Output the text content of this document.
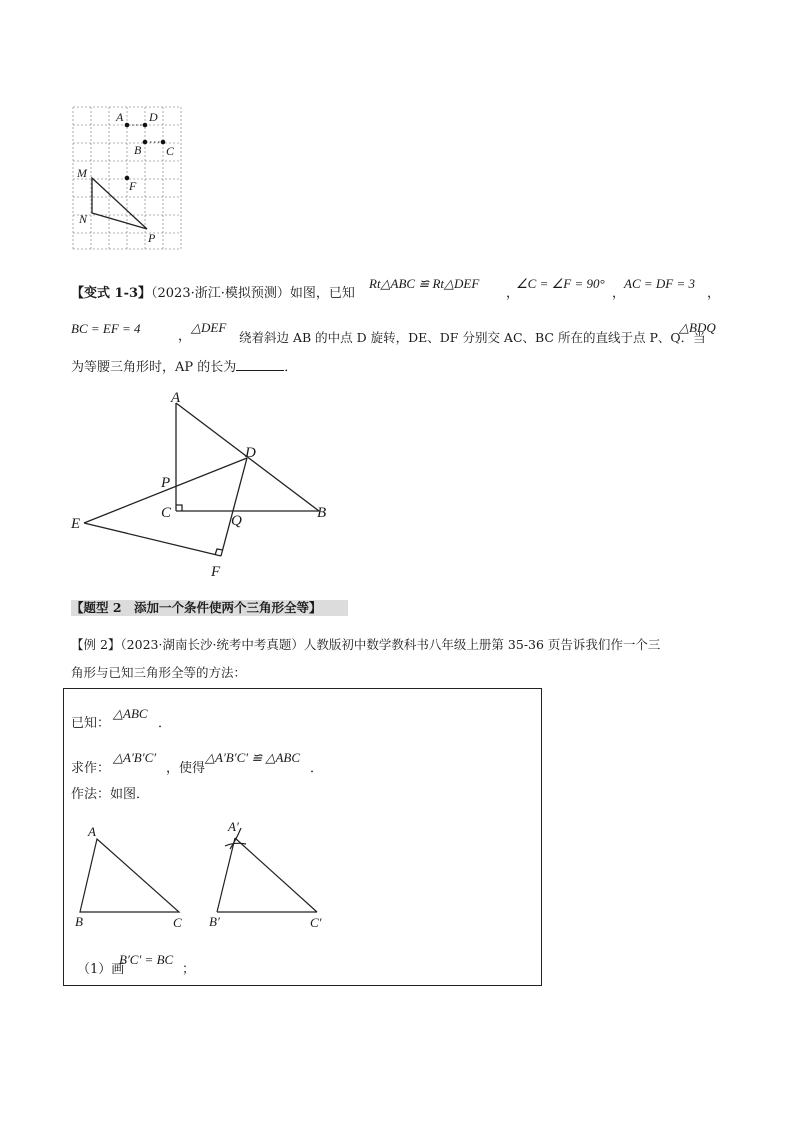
A D
B C
M
F
N
P
【变式 1-3】（2023·浙江·模拟预测）如图，已知
Rt△ABC ≌ Rt△DEF	∠C = ∠F = 90° AC = DF = 3
，	，	，
BC = EF = 4
，
△DEF
绕着斜边 AB 的中点 D 旋转，DE、DF 分别交 AC、BC 所在的直线于点 P、Q．当
△BDQ
为等腰三角形时，AP 的长为	．
A
D
P
C	Q	B
E
F
【题型 2　添加一个条件使两个三角形全等】
【例 2】（2023·湖南长沙·统考中考真题）人教版初中数学教科书八年级上册第 35-36 页告诉我们作一个三
角形与已知三角形全等的方法：
已知：
△ABC
．
求作：
△A′B′C′
，使得
△A′B′C′ ≌ △ABC
．
作法：如图．
A
B	C
A′
B′	C′
（1）画
B′C′ = BC
；
